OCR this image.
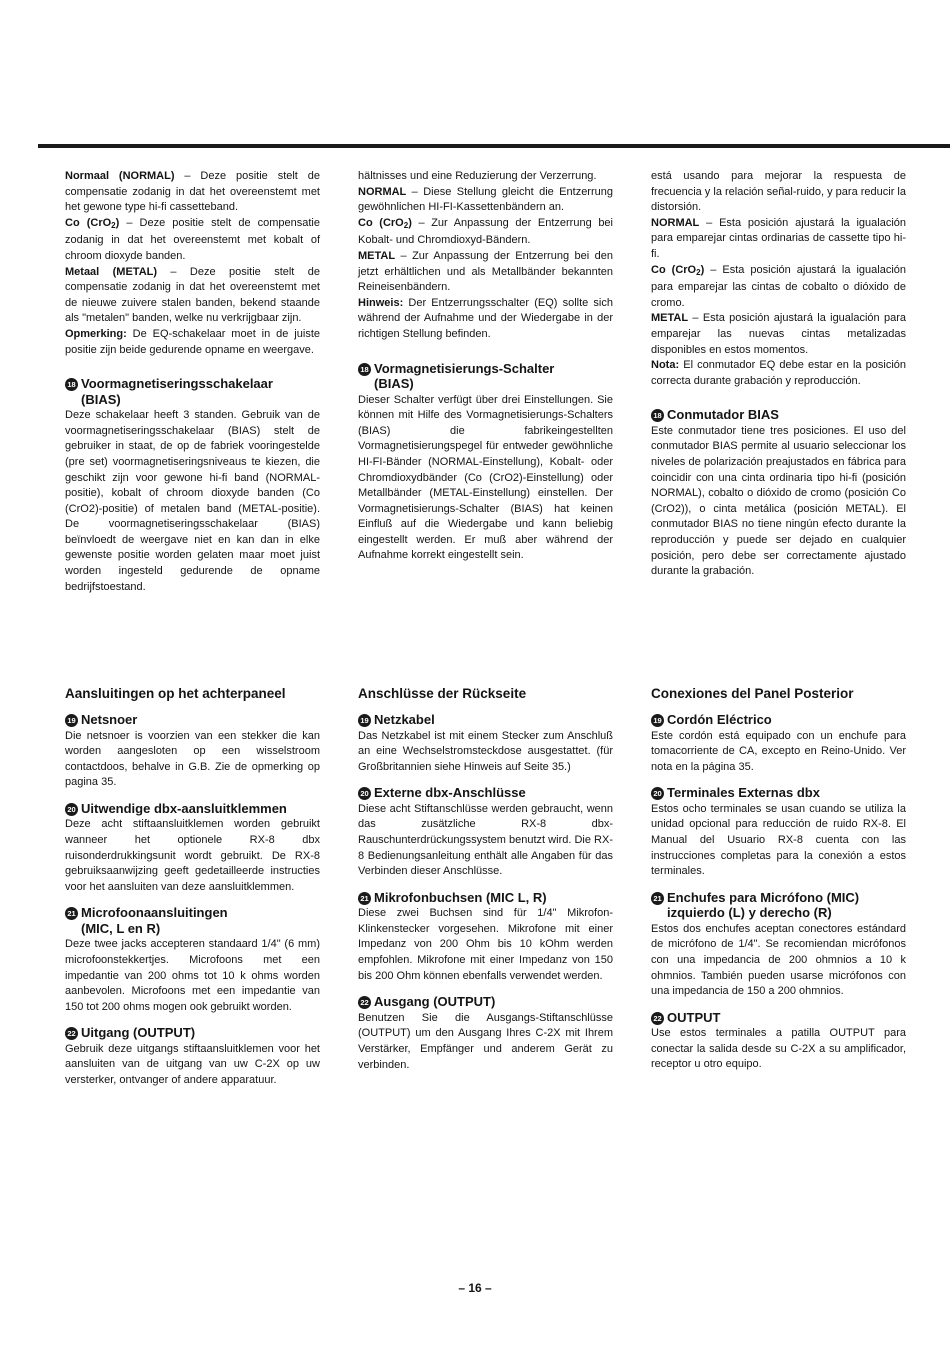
Normaal (NORMAL) – Deze positie stelt de compensatie zodanig in dat het overeenstemt met het gewone type hi-fi cassetteband.

Co (CrO$_2$) – Deze positie stelt de compensatie zodanig in dat het overeenstemt met kobalt of chroom dioxyde banden.

Metaal (METAL) – Deze positie stelt de compensatie zodanig in dat het overeenstemt met de nieuwe zuivere stalen banden, bekend staande als "metalen" banden, welke nu verkrijgbaar zijn.

Opmerking: De EQ-schakelaar moet in de juiste positie zijn beide gedurende opname en weergave.

18 Voormagnetiseringsschakelaar
(BIAS)

Deze schakelaar heeft 3 standen. Gebruik van de voormagnetiseringsschakelaar (BIAS) stelt de gebruiker in staat, de op de fabriek vooringestelde (pre set) voormagnetiseringsniveaus te kiezen, die geschikt zijn voor gewone hi-fi band (NORMAL-positie), kobalt of chroom dioxyde banden (Co (CrO2)-positie) of metalen band (METAL-positie). De voormagnetiseringsschakelaar (BIAS) beïnvloedt de weergave niet en kan dan in elke gewenste positie worden gelaten maar moet juist worden ingesteld gedurende de opname bedrijfstoestand.

hältnisses und eine Reduzierung der Verzerrung.

NORMAL – Diese Stellung gleicht die Entzerrung gewöhnlichen HI-FI-Kassettenbändern an.

Co (CrO$_2$) – Zur Anpassung der Entzerrung bei Kobalt- und Chromdioxyd-Bändern.

METAL – Zur Anpassung der Entzerrung bei den jetzt erhältlichen und als Metallbänder bekannten Reineisenbändern.

Hinweis: Der Entzerrungsschalter (EQ) sollte sich während der Aufnahme und der Wiedergabe in der richtigen Stellung befinden.

18 Vormagnetisierungs-Schalter
(BIAS)

Dieser Schalter verfügt über drei Einstellungen. Sie können mit Hilfe des Vormagnetisierungs-Schalters (BIAS) die fabrikeingestellten Vormagnetisierungspegel für entweder gewöhnliche HI-FI-Bänder (NORMAL-Einstellung), Kobalt- oder Chromdioxydbänder (Co (CrO2)-Einstellung) oder Metallbänder (METAL-Einstellung) einstellen. Der Vormagnetisierungs-Schalter (BIAS) hat keinen Einfluß auf die Wiedergabe und kann beliebig eingestellt werden. Er muß aber während der Aufnahme korrekt eingestellt sein.

está usando para mejorar la respuesta de frecuencia y la relación señal-ruido, y para reducir la distorsión.

NORMAL – Esta posición ajustará la igualación para emparejar cintas ordinarias de cassette tipo hi-fi.

Co (CrO$_2$) – Esta posición ajustará la igualación para emparejar las cintas de cobalto o dióxido de cromo.

METAL – Esta posición ajustará la igualación para emparejar las nuevas cintas metalizadas disponibles en estos momentos.

Nota: El conmutador EQ debe estar en la posición correcta durante grabación y reproducción.

18 Conmutador BIAS

Este conmutador tiene tres posiciones. El uso del conmutador BIAS permite al usuario seleccionar los niveles de polarización preajustados en fábrica para coincidir con una cinta ordinaria tipo hi-fi (posición NORMAL), cobalto o dióxido de cromo (posición Co (CrO2)), o cinta metálica (posición METAL). El conmutador BIAS no tiene ningún efecto durante la reproducción y puede ser dejado en cualquier posición, pero debe ser correctamente ajustado durante la grabación.

Aansluitingen op het achterpaneel
19 Netsnoer

Die netsnoer is voorzien van een stekker die kan worden aangesloten op een wisselstroom contactdoos, behalve in G.B. Zie de opmerking op pagina 35.

20 Uitwendige dbx-aansluitklemmen

Deze acht stiftaansluitklemen worden gebruikt wanneer het optionele RX-8 dbx ruisonderdrukkingsunit wordt gebruikt. De RX-8 gebruiksaanwijzing geeft gedetailleerde instructies voor het aansluiten van deze aansluitklemmen.

21 Microfoonaansluitingen
(MIC, L en R)

Deze twee jacks accepteren standaard 1/4" (6 mm) microfoonstekkertjes. Microfoons met een impedantie van 200 ohms tot 10 k ohms worden aanbevolen. Microfoons met een impedantie van 150 tot 200 ohms mogen ook gebruikt worden.

22 Uitgang (OUTPUT)

Gebruik deze uitgangs stiftaansluitklemen voor het aansluiten van de uitgang van uw C-2X op uw versterker, ontvanger of andere apparatuur.

Anschlüsse der Rückseite
19 Netzkabel

Das Netzkabel ist mit einem Stecker zum Anschluß an eine Wechselstromsteckdose ausgestattet. (für Großbritannien siehe Hinweis auf Seite 35.)

20 Externe dbx-Anschlüsse

Diese acht Stiftanschlüsse werden gebraucht, wenn das zusätzliche RX-8 dbx-Rauschunterdrückungssystem benutzt wird. Die RX-8 Bedienungsanleitung enthält alle Angaben für das Verbinden dieser Anschlüsse.

21 Mikrofonbuchsen (MIC L, R)

Diese zwei Buchsen sind für 1/4" Mikrofon-Klinkenstecker vorgesehen. Mikrofone mit einer Impedanz von 200 Ohm bis 10 kOhm werden empfohlen. Mikrofone mit einer Impedanz von 150 bis 200 Ohm können ebenfalls verwendet werden.

22 Ausgang (OUTPUT)

Benutzen Sie die Ausgangs-Stiftanschlüsse (OUTPUT) um den Ausgang Ihres C-2X mit Ihrem Verstärker, Empfänger und anderem Gerät zu verbinden.

Conexiones del Panel Posterior
19 Cordón Eléctrico

Este cordón está equipado con un enchufe para tomacorriente de CA, excepto en Reino-Unido. Ver nota en la página 35.

20 Terminales Externas dbx

Estos ocho terminales se usan cuando se utiliza la unidad opcional para reducción de ruido RX-8. El Manual del Usuario RX-8 cuenta con las instrucciones completas para la conexión a estos terminales.

21 Enchufes para Micrófono (MIC)
izquierdo (L) y derecho (R)

Estos dos enchufes aceptan conectores estándard de micrófono de 1/4". Se recomiendan micrófonos con una impedancia de 200 ohmnios a 10 k ohmnios. También pueden usarse micrófonos con una impedancia de 150 a 200 ohmnios.

22 OUTPUT

Use estos terminales a patilla OUTPUT para conectar la salida desde su C-2X a su amplificador, receptor u otro equipo.

– 16 –
